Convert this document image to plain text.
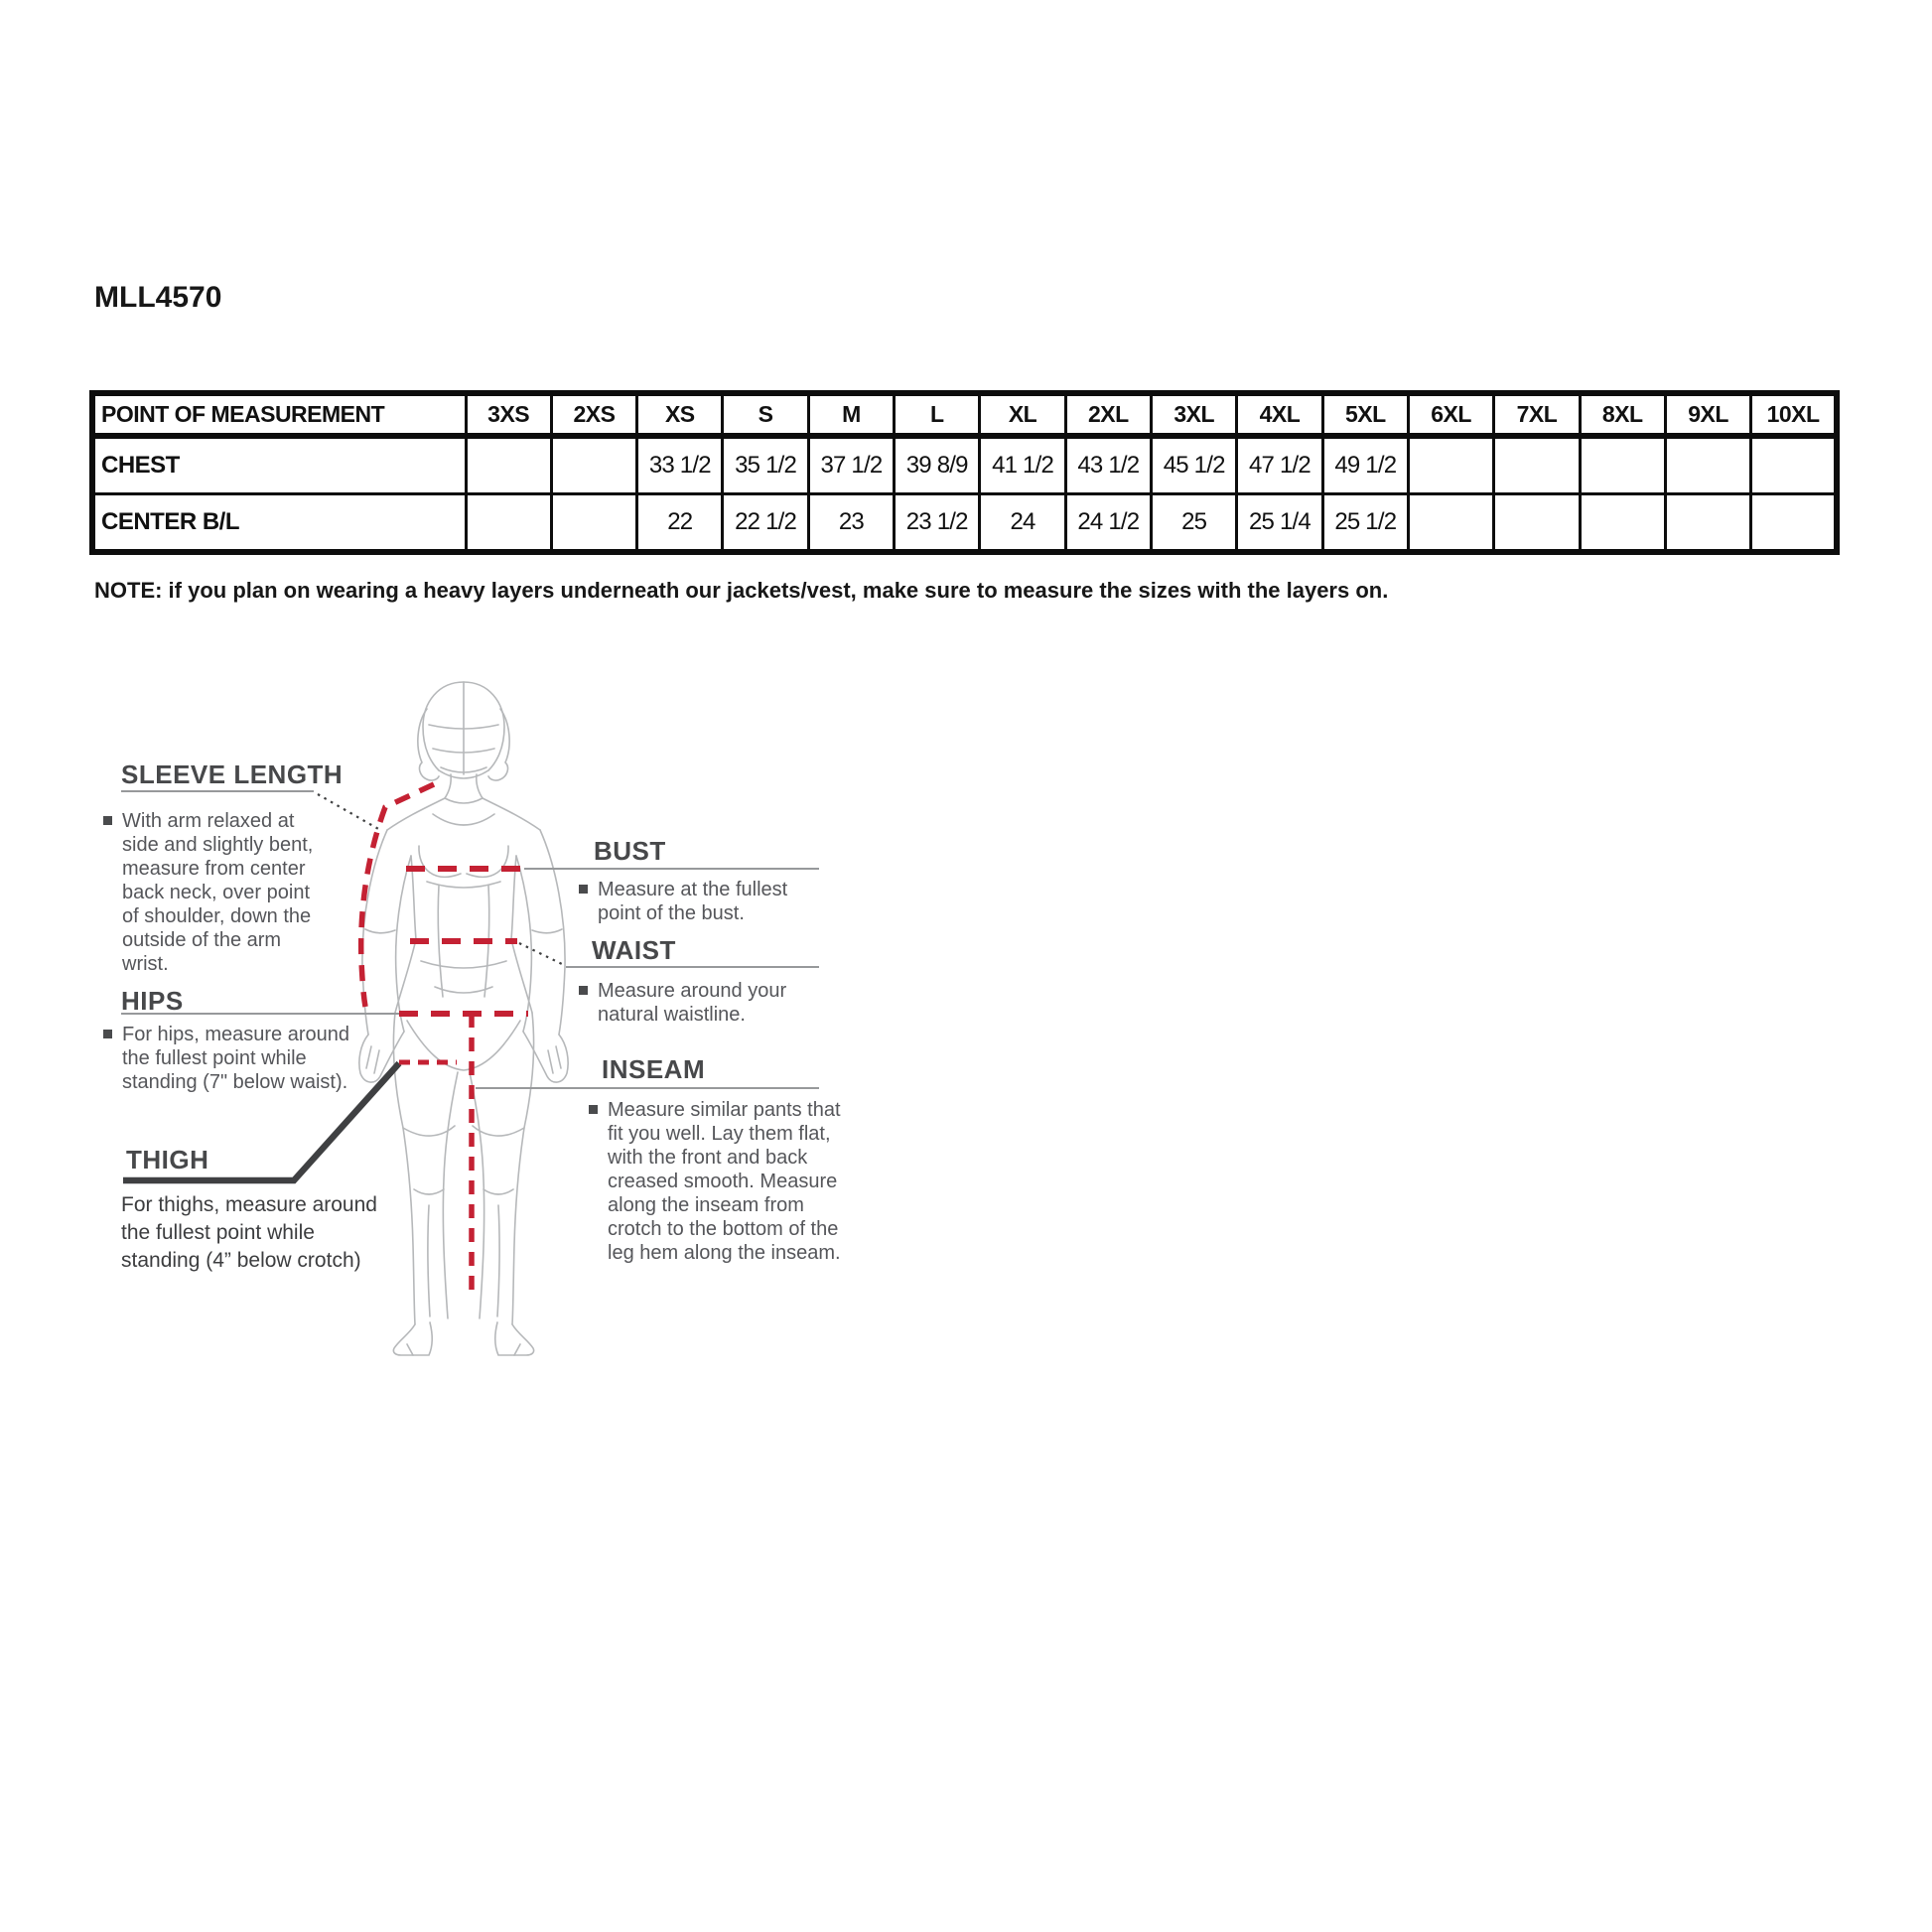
MLL4570
POINT OF MEASUREMENT	3XS	2XS	XS	S	M	L	XL	2XL	3XL	4XL	5XL	6XL	7XL	8XL	9XL	10XL
CHEST			33 1/2	35 1/2	37 1/2	39 8/9	41 1/2	43 1/2	45 1/2	47 1/2	49 1/2					
CENTER B/L			22	22 1/2	23	23 1/2	24	24 1/2	25	25 1/4	25 1/2					
NOTE: if you plan on wearing a heavy layers underneath our jackets/vest, make sure to measure the sizes with the layers on.
SLEEVE LENGTH
With arm relaxed at side and slightly bent, measure from center back neck, over point of shoulder, down the outside of the arm wrist.
HIPS
For hips, measure around the fullest point while standing (7" below waist).
THIGH
For thighs, measure around the fullest point while standing (4” below crotch)
BUST
Measure at the fullest point of the bust.
WAIST
Measure around your natural waistline.
INSEAM
Measure similar pants that fit you well. Lay them flat, with the front and back creased smooth. Measure along the inseam from crotch to the bottom of the leg hem along the inseam.
